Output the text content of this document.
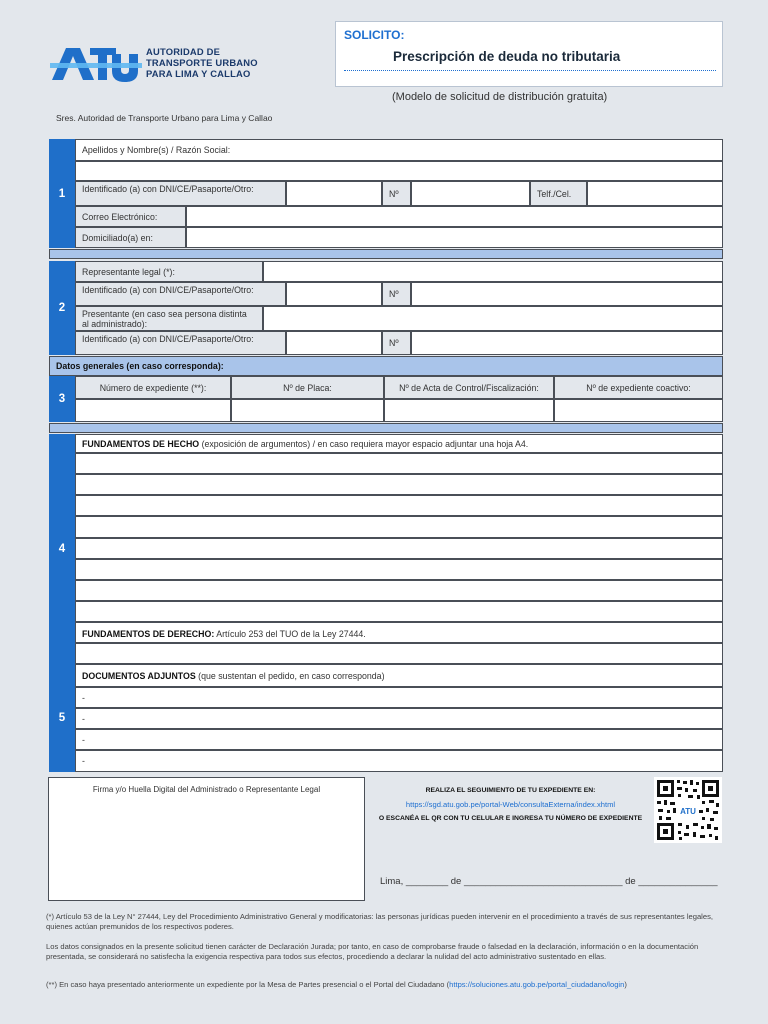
AUTORIDAD DE
TRANSPORTE URBANO
PARA LIMA Y CALLAO
SOLICITO:
Prescripción de deuda no tributaria
(Modelo de solicitud de distribución gratuita)
Sres. Autoridad de Transporte Urbano para Lima y Callao
1
Apellidos y Nombre(s) / Razón Social:
Identificado (a) con DNI/CE/Pasaporte/Otro:	Nº	Telf./Cel.
Correo Electrónico:
Domiciliado(a) en:
2
Representante legal (*):
Identificado (a) con DNI/CE/Pasaporte/Otro:	Nº
Presentante (en caso sea persona distinta al administrado):
Identificado (a) con DNI/CE/Pasaporte/Otro:	Nº
Datos generales (en caso corresponda):
3
Número de expediente (**):	Nº de Placa:	Nº de Acta de Control/Fiscalización:	Nº de expediente coactivo:
4
FUNDAMENTOS DE HECHO (exposición de argumentos) / en caso requiera mayor espacio adjuntar una hoja A4.
FUNDAMENTOS DE DERECHO: Artículo 253 del TUO de la Ley 27444.
5
DOCUMENTOS ADJUNTOS (que sustentan el pedido, en caso corresponda)
-
-
-
-
Firma y/o Huella Digital del Administrado o Representante Legal	REALIZA EL SEGUIMIENTO DE TU EXPEDIENTE EN:
https://sgd.atu.gob.pe/portal-Web/consultaExterna/index.xhtml
O ESCANÉA EL QR CON TU CELULAR E INGRESA TU NÚMERO DE EXPEDIENTE
ATU
Lima, ________ de ______________________________ de _______________
(*) Artículo 53 de la Ley N° 27444, Ley del Procedimiento Administrativo General y modificatorias: las personas jurídicas pueden intervenir en el procedimiento a través de sus representantes legales, quienes actúan premunidos de los respectivos poderes.
Los datos consignados en la presente solicitud tienen carácter de Declaración Jurada; por tanto, en caso de comprobarse fraude o falsedad en la declaración, información o en la documentación presentada, se considerará no satisfecha la exigencia respectiva para todos sus efectos, procediendo a declarar la nulidad del acto administrativo sustentado en ellas.
(**) En caso haya presentado anteriormente un expediente por la Mesa de Partes presencial o el Portal del Ciudadano (https://soluciones.atu.gob.pe/portal_ciudadano/login)
